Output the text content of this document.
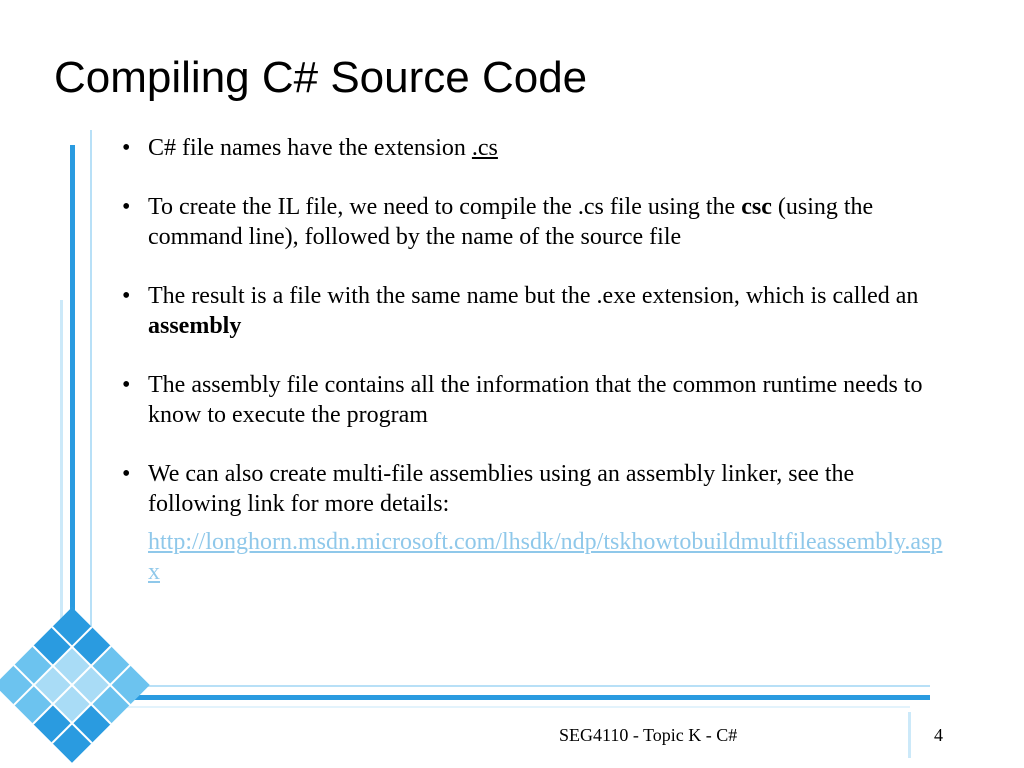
Compiling C# Source Code
• C# file names have the extension .cs
• To create the IL file, we need to compile the .cs file using the csc (using the command line), followed by the name of the source file
• The result is a file with the same name but the .exe extension, which is called an assembly
• The assembly file contains all the information that the common runtime needs to know to execute the program
• We can also create multi-file assemblies using an assembly linker, see the following link for more details:
http://longhorn.msdn.microsoft.com/lhsdk/ndp/tskhowtobuildmultfileassembly.aspx
SEG4110 - Topic K - C#	4
